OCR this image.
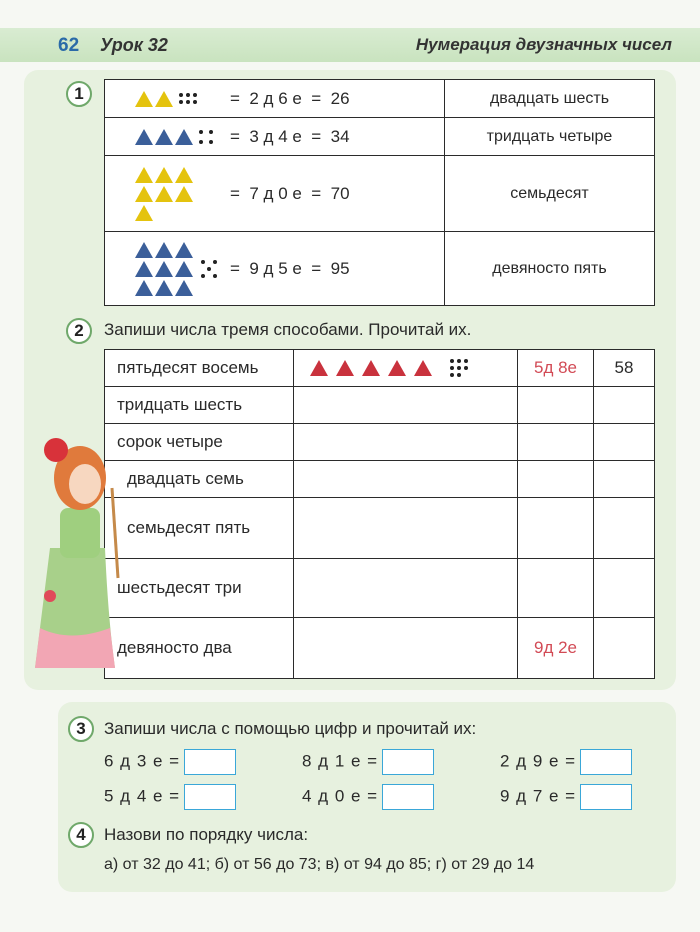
62 Урок 32	Нумерация двузначных чисел
1	=  2 д 6 е  =  26	двадцать шесть

=  3 д 4 е  =  34	тридцать четыре

=  7 д 0 е  =  70	семьдесят

=  9 д 5 е  =  95	девяносто пять
2	Запиши числа тремя способами. Прочитай их.
пятьдесят восемь		5д 8е	58
тридцать шесть			
сорок четыре			
двадцать семь			
семьдесят пять			
шестьдесят три			
девяносто два		9д 2е	
3	Запиши числа с помощью цифр и прочитай их:
6 д 3 е =	8 д 1 е =	2 д 9 е =
5 д 4 е =	4 д 0 е =	9 д 7 е =
4	Назови по порядку числа:
а) от 32 до 41; б) от 56 до 73; в) от 94 до 85; г) от 29 до 14
